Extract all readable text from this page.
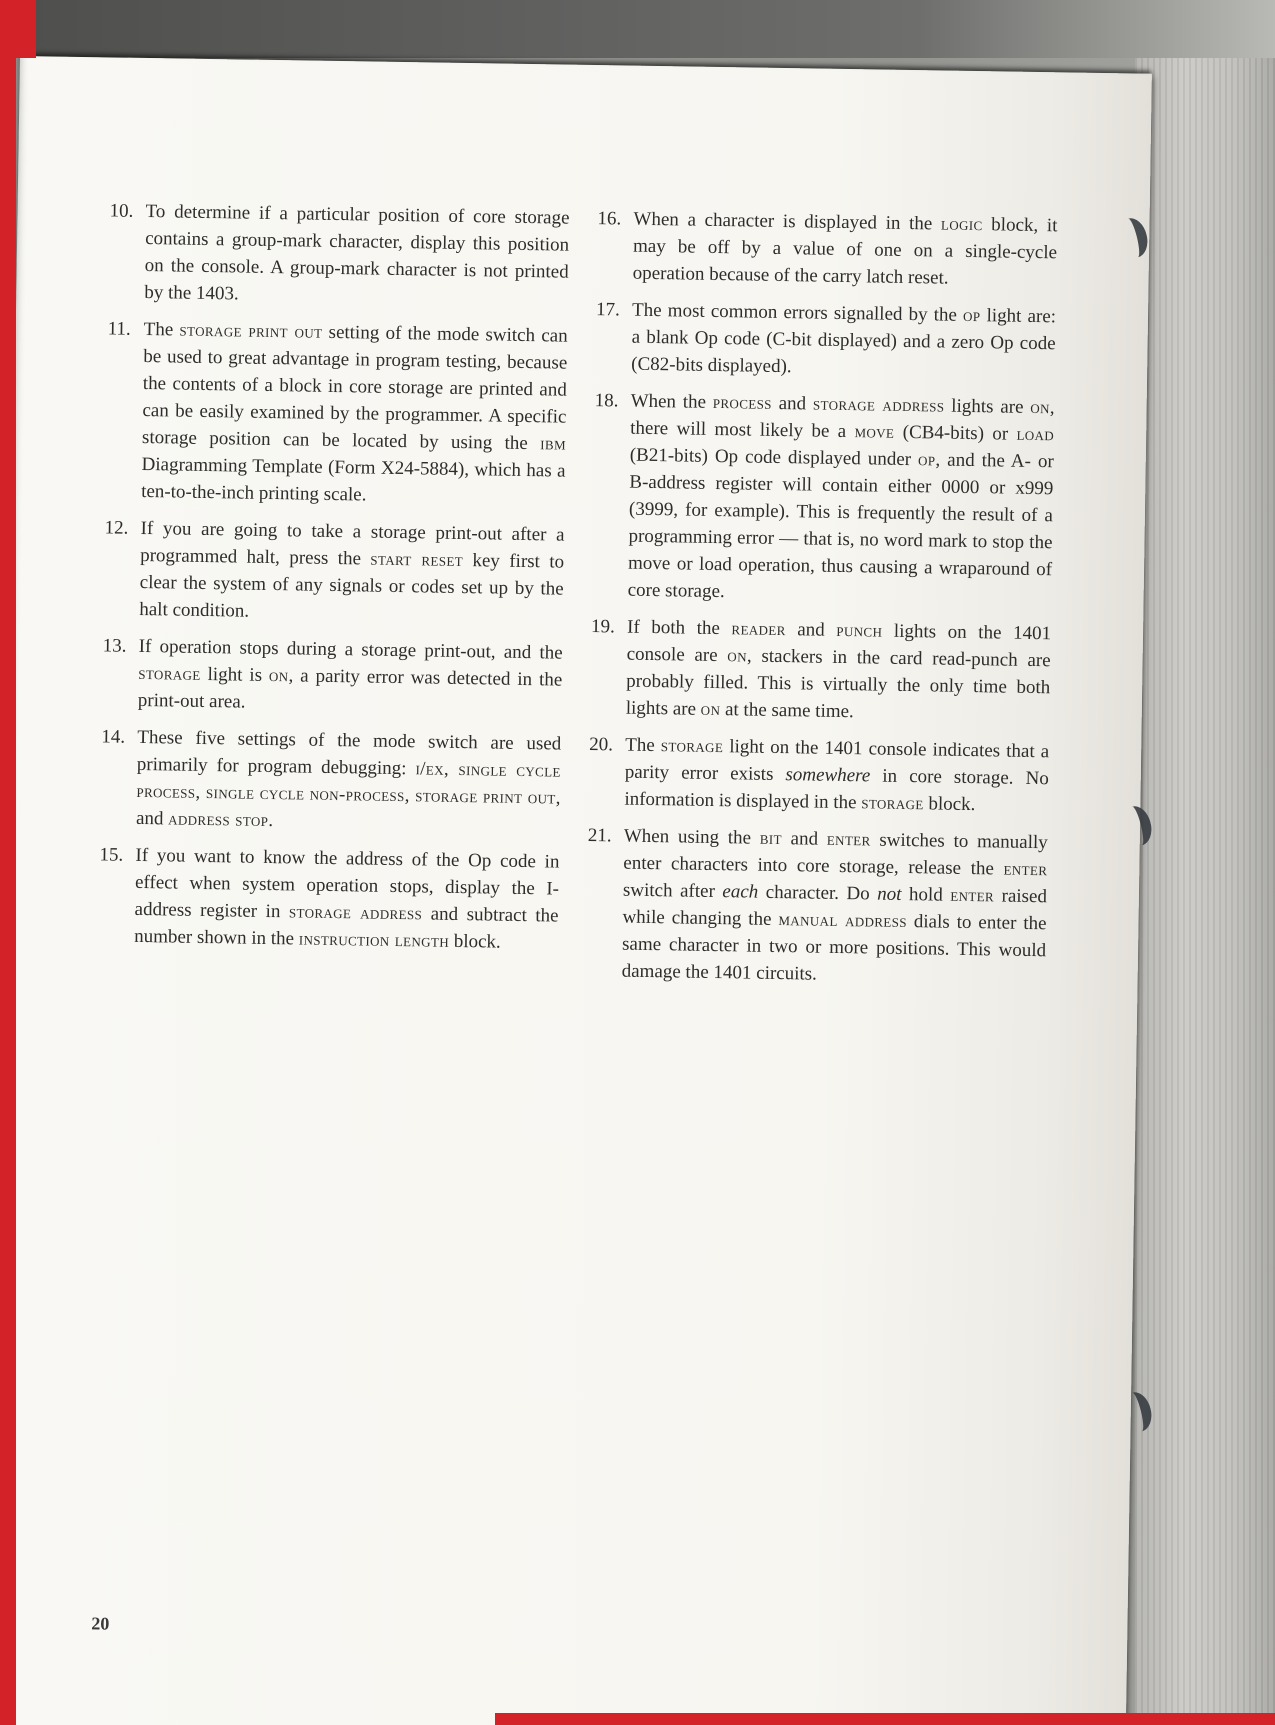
10. To determine if a particular position of core storage contains a group-mark character, display this position on the console. A group-mark character is not printed by the 1403.
11. The storage print out setting of the mode switch can be used to great advantage in program testing, because the contents of a block in core storage are printed and can be easily examined by the programmer. A specific storage position can be located by using the ibm Diagramming Template (Form X24-5884), which has a ten-to-the-inch printing scale.
12. If you are going to take a storage print-out after a programmed halt, press the start reset key first to clear the system of any signals or codes set up by the halt condition.
13. If operation stops during a storage print-out, and the storage light is on, a parity error was detected in the print-out area.
14. These five settings of the mode switch are used primarily for program debugging: i/ex, single cycle process, single cycle non-process, storage print out, and address stop.
15. If you want to know the address of the Op code in effect when system operation stops, display the I-address register in storage address and subtract the number shown in the instruction length block.
16. When a character is displayed in the logic block, it may be off by a value of one on a single-cycle operation because of the carry latch reset.
17. The most common errors signalled by the op light are: a blank Op code (C-bit displayed) and a zero Op code (C82-bits displayed).
18. When the process and storage address lights are on, there will most likely be a move (CB4-bits) or load (B21-bits) Op code displayed under op, and the A- or B-address register will contain either 0000 or x999 (3999, for example). This is frequently the result of a programming error — that is, no word mark to stop the move or load operation, thus causing a wraparound of core storage.
19. If both the reader and punch lights on the 1401 console are on, stackers in the card read-punch are probably filled. This is virtually the only time both lights are on at the same time.
20. The storage light on the 1401 console indicates that a parity error exists somewhere in core storage. No information is displayed in the storage block.
21. When using the bit and enter switches to manually enter characters into core storage, release the enter switch after each character. Do not hold enter raised while changing the manual address dials to enter the same character in two or more positions. This would damage the 1401 circuits.
20
